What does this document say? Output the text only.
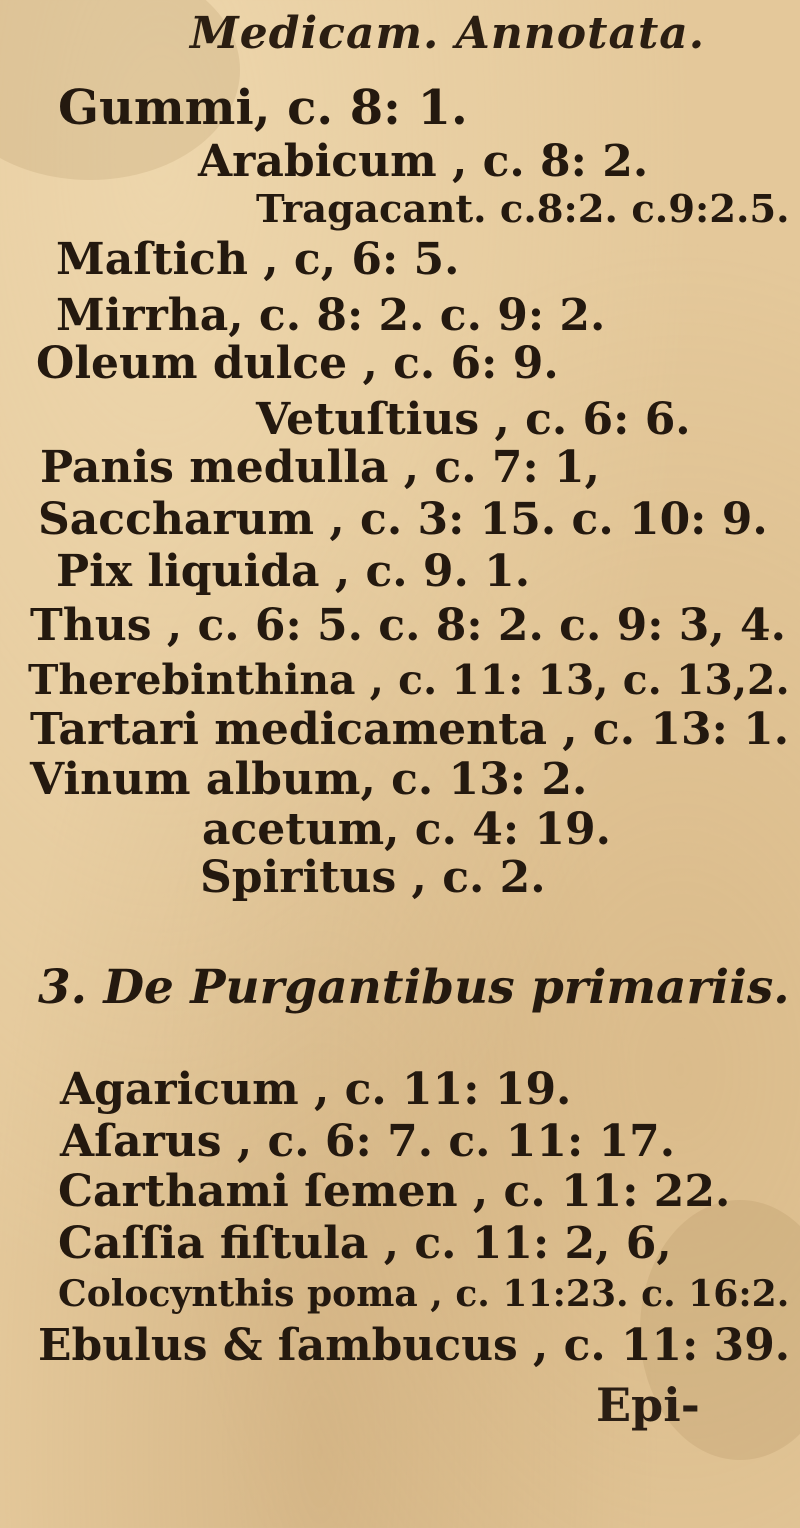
Medicam. Annotata.
Gummi, c. 8: 1.
Arabicum , c. 8: 2.
Tragacant. c.8:2. c.9:2.5.
Maſtich , c, 6: 5.
Mirrha, c. 8: 2. c. 9: 2.
Oleum dulce , c. 6: 9.
Vetuſtius , c. 6: 6.
Panis medulla , c. 7: 1,
Saccharum , c. 3: 15. c. 10: 9.
Pix liquida , c. 9. 1.
Thus , c. 6: 5. c. 8: 2. c. 9: 3, 4.
Therebinthina , c. 11: 13, c. 13,2.
Tartari medicamenta , c. 13: 1.
Vinum album, c. 13: 2.
acetum, c. 4: 19.
Spiritus , c. 2.
3. De Purgantibus primariis.
Agaricum , c. 11: 19.
Aſarus , c. 6: 7. c. 11: 17.
Carthami ſemen , c. 11: 22.
Caſſia fiſtula , c. 11: 2, 6,
Colocynthis poma , c. 11:23. c. 16:2.
Ebulus & ſambucus , c. 11: 39.
Epi-
